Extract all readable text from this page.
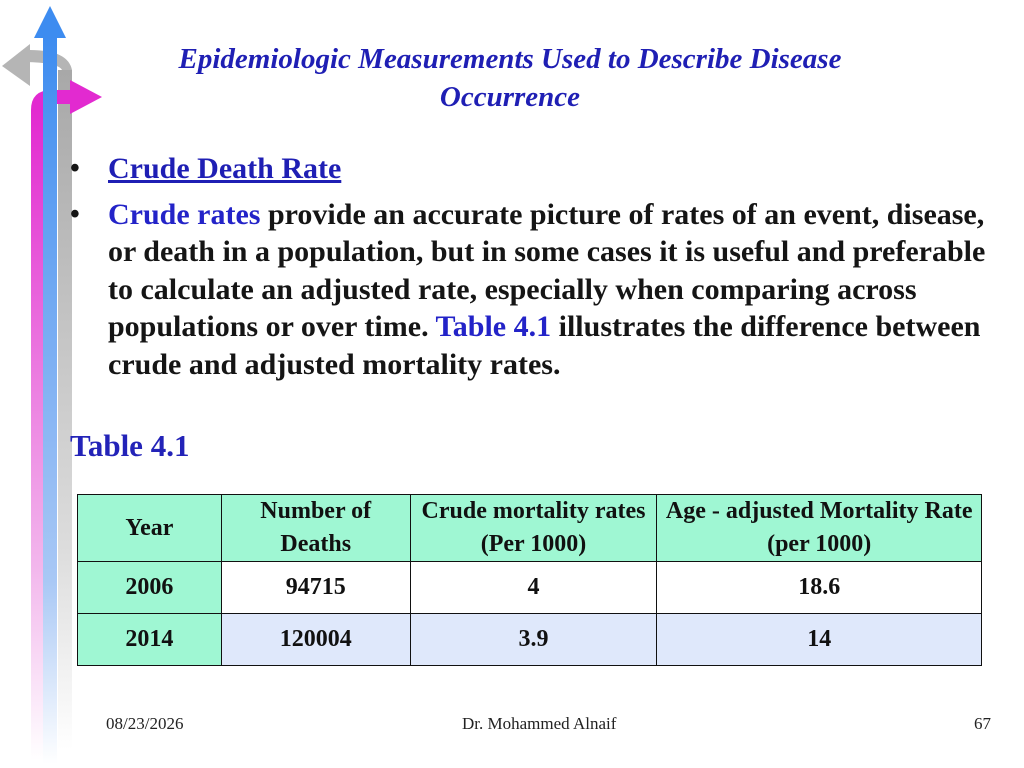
Epidemiologic Measurements Used to Describe Disease Occurrence
• Crude Death Rate
• Crude rates provide an accurate picture of rates of an event, disease, or death in a population, but in some cases it is useful and preferable to calculate an adjusted rate, especially when comparing across populations or over time. Table 4.1 illustrates the difference between crude and adjusted mortality rates.
Table 4.1
Year	Number of Deaths	Crude mortality rates (Per 1000)	Age - adjusted Mortality Rate (per 1000)
2006	94715	4	18.6
2014	120004	3.9	14
08/23/2026	Dr. Mohammed Alnaif	67
